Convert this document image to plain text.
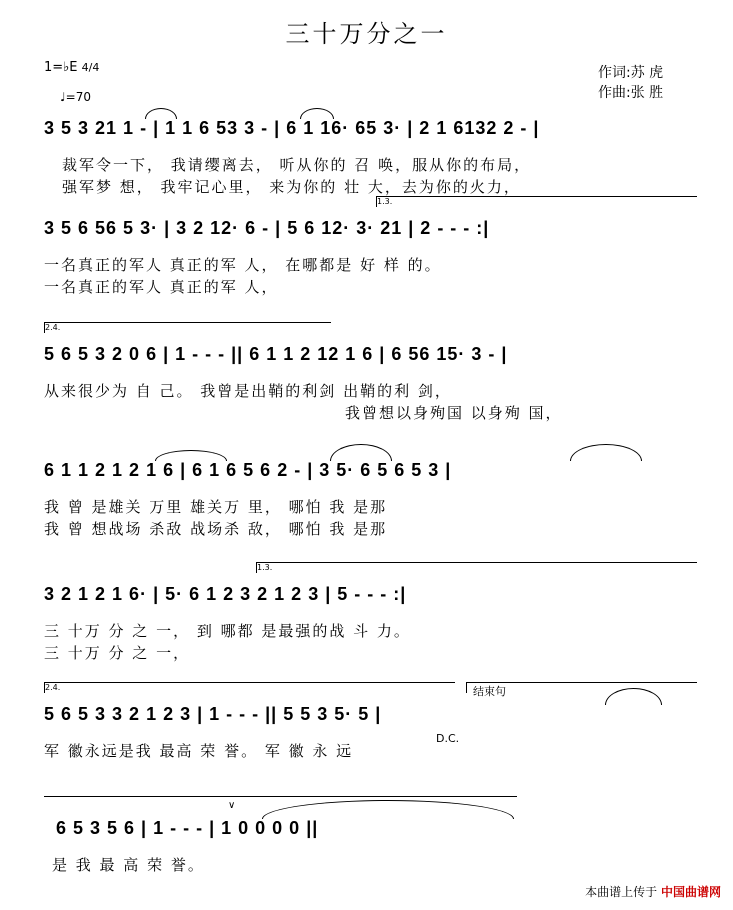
三十万分之一
1=♭E 4/4
♩=70
作词:苏 虎
作曲:张 胜
3 5 3 21 1 - | 1 1 6 53 3 - | 6 1 16· 65 3· | 2 1 6132 2 - |
裁军令一下， 我请缨离去， 听从你的 召 唤，服从你的布局，
强军梦 想， 我牢记心里， 来为你的 壮 大，去为你的火力，
1.3.
3 5 6 56 5 3· | 3 2 12· 6 - | 5 6 12· 3· 21 | 2 - - - :|
一名真正的军人 真正的军 人， 在哪都是 好 样 的。
一名真正的军人 真正的军 人，
2.4.
5 6 5 3 2 0 6 | 1 - - - || 6 1 1 2 12 1 6 | 6 56 15· 3 - |
从来很少为 自 己。 我曾是出鞘的利剑 出鞘的利 剑，
我曾想以身殉国 以身殉 国，
6 1 1 2 1 2 1 6 | 6 1 6 5 6 2 - | 3 5· 6 5 6 5 3 |
我 曾 是雄关 万里 雄关万 里， 哪怕 我 是那
我 曾 想战场 杀敌 战场杀 敌， 哪怕 我 是那
1.3.
3 2 1 2 1 6· | 5· 6 1 2 3 2 1 2 3 | 5 - - - :|
三 十万 分 之 一， 到 哪都 是最强的战 斗 力。
三 十万 分 之 一，
2.4.	结束句
5 6 5 3 3 2 1 2 3 | 1 - - - || 5 5 3 5· 5 |
D.C.
军 徽永远是我 最高 荣 誉。 军 徽 永 远
∨
6 5 3 5 6 | 1 - - - | 1 0 0 0 0 ||
是 我 最 高 荣 誉。
本曲谱上传于 中国曲谱网
